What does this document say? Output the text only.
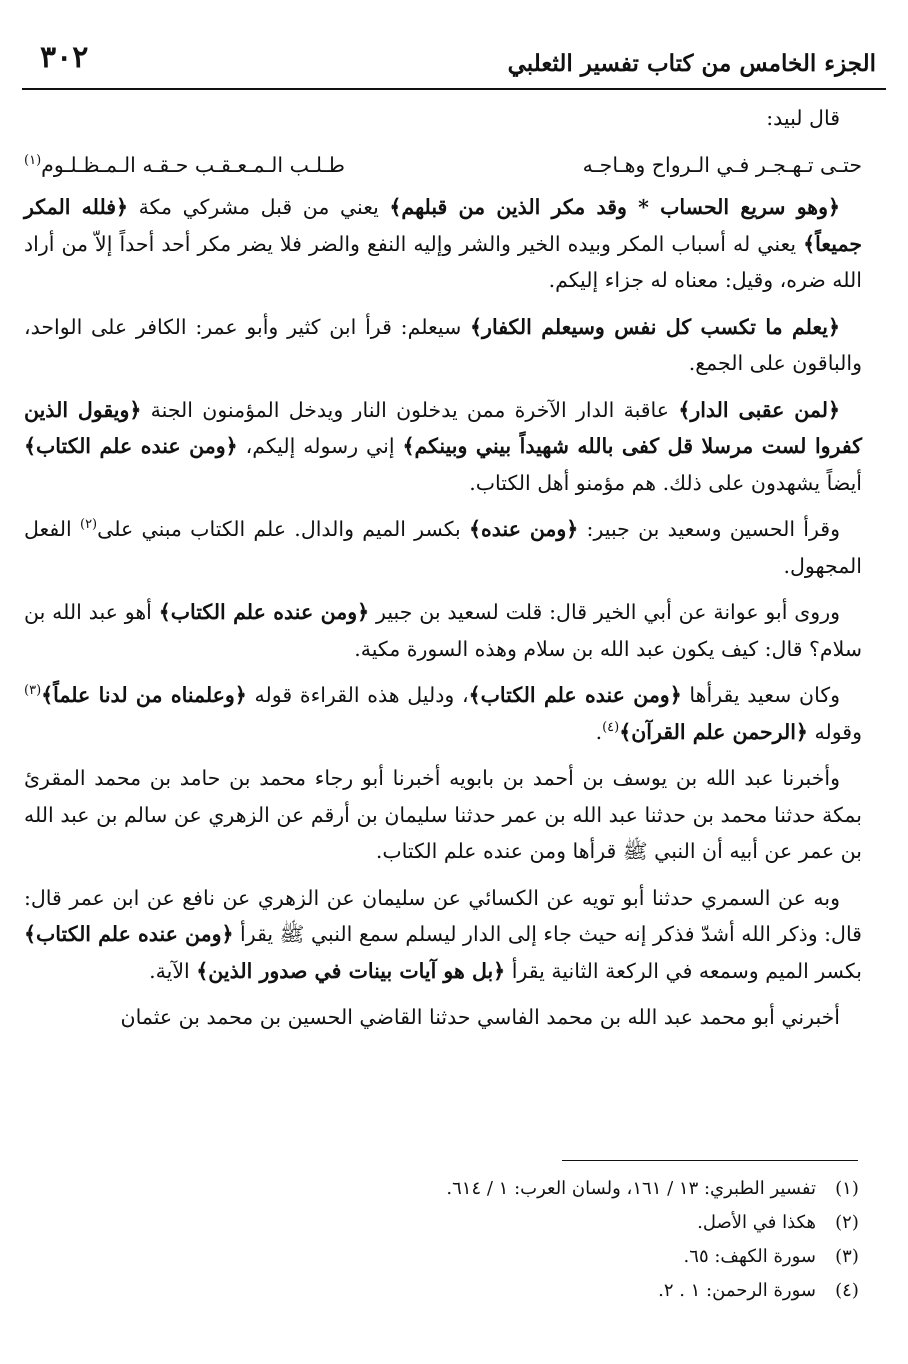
٣٠٢	الجزء الخامس من كتاب تفسير الثعلبي

قال لبيد:

حتـى تـهـجـر فـي الـرواح وهـاجـه
طـلـب الـمـعـقـب حـقـه الـمـظـلـوم$^{(١)}$

﴿وهو سريع الحساب * وقد مكر الذين من قبلهم﴾ يعني من قبل مشركي مكة ﴿فلله المكر جميعاً﴾ يعني له أسباب المكر وبيده الخير والشر وإليه النفع والضر فلا يضر مكر أحد أحداً إلاّ من أراد الله ضره، وقيل: معناه له جزاء إليكم.

﴿يعلم ما تكسب كل نفس وسيعلم الكفار﴾ سيعلم: قرأ ابن كثير وأبو عمر: الكافر على الواحد، والباقون على الجمع.

﴿لمن عقبى الدار﴾ عاقبة الدار الآخرة ممن يدخلون النار ويدخل المؤمنون الجنة ﴿ويقول الذين كفروا لست مرسلا قل كفى بالله شهيداً بيني وبينكم﴾ إني رسوله إليكم، ﴿ومن عنده علم الكتاب﴾ أيضاً يشهدون على ذلك. هم مؤمنو أهل الكتاب.

وقرأ الحسين وسعيد بن جبير: ﴿ومن عنده﴾ بكسر الميم والدال. علم الكتاب مبني على$^{(٢)}$ الفعل المجهول.

وروى أبو عوانة عن أبي الخير قال: قلت لسعيد بن جبير ﴿ومن عنده علم الكتاب﴾ أهو عبد الله بن سلام؟ قال: كيف يكون عبد الله بن سلام وهذه السورة مكية.

وكان سعيد يقرأها ﴿ومن عنده علم الكتاب﴾، ودليل هذه القراءة قوله ﴿وعلمناه من لدنا علماً﴾$^{(٣)}$ وقوله ﴿الرحمن علم القرآن﴾$^{(٤)}$.

وأخبرنا عبد الله بن يوسف بن أحمد بن بابويه أخبرنا أبو رجاء محمد بن حامد بن محمد المقرئ بمكة حدثنا محمد بن حدثنا عبد الله بن عمر حدثنا سليمان بن أرقم عن الزهري عن سالم بن عبد الله بن عمر عن أبيه أن النبي ﷺ قرأها ومن عنده علم الكتاب.

وبه عن السمري حدثنا أبو تويه عن الكسائي عن سليمان عن الزهري عن نافع عن ابن عمر قال: قال: وذكر الله أشدّ فذكر إنه حيث جاء إلى الدار ليسلم سمع النبي ﷺ يقرأ ﴿ومن عنده علم الكتاب﴾ بكسر الميم وسمعه في الركعة الثانية يقرأ ﴿بل هو آيات بينات في صدور الذين﴾ الآية.

أخبرني أبو محمد عبد الله بن محمد الفاسي حدثنا القاضي الحسين بن محمد بن عثمان

(١)
تفسير الطبري: ١٣ / ١٦١، ولسان العرب: ١ / ٦١٤.
(٢)
هكذا في الأصل.
(٣)
سورة الكهف: ٦٥.
(٤)
سورة الرحمن: ١ . ٢.
